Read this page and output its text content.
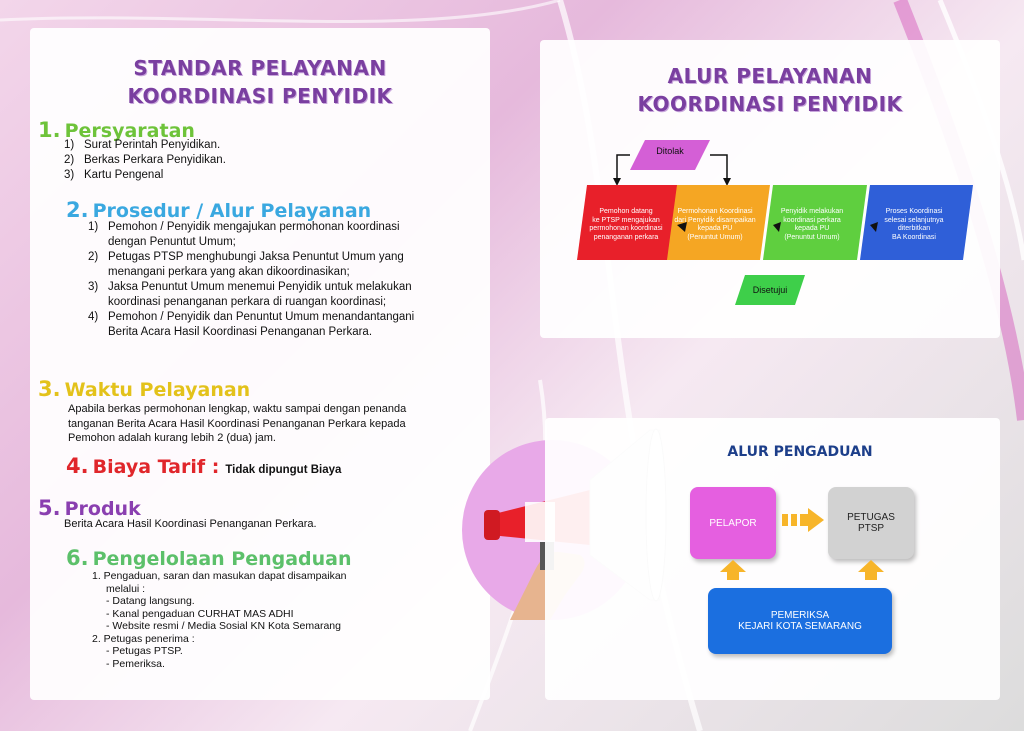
STANDAR PELAYANAN
KOORDINASI PENYIDIK
1. Persyaratan
1) Surat Perintah Penyidikan.
2) Berkas Perkara Penyidikan.
3) Kartu Pengenal
2. Prosedur / Alur Pelayanan
1) Pemohon / Penyidik mengajukan permohonan koordinasi dengan Penuntut Umum;
2) Petugas PTSP menghubungi Jaksa Penuntut Umum yang menangani perkara yang akan dikoordinasikan;
3) Jaksa Penuntut Umum menemui Penyidik untuk melakukan koordinasi penanganan perkara di ruangan koordinasi;
4) Pemohon / Penyidik dan Penuntut Umum menandantangani Berita Acara Hasil Koordinasi Penanganan Perkara.
3. Waktu Pelayanan
Apabila berkas permohonan lengkap, waktu sampai dengan penanda tanganan Berita Acara Hasil Koordinasi Penanganan Perkara kepada Pemohon adalah kurang lebih 2 (dua) jam.
4. Biaya Tarif : Tidak dipungut Biaya
5. Produk
Berita Acara Hasil Koordinasi Penanganan Perkara.
6. Pengelolaan Pengaduan
1. Pengaduan, saran dan masukan dapat disampaikan
melalui :
- Datang langsung.
- Kanal pengaduan CURHAT MAS ADHI
- Website resmi / Media Sosial KN Kota Semarang
2. Petugas penerima :
- Petugas PTSP.
- Pemeriksa.
ALUR PELAYANAN
KOORDINASI PENYIDIK
Ditolak
Disetujui
Pemohon datang
ke PTSP mengajukan
permohonan koordinasi
penanganan perkara
Permohonan Koordinasi
dari Penyidik disampaikan
kepada PU
(Penuntut Umum)
Penyidik melakukan
koordinasi perkara
kepada PU
(Penuntut Umum)
Proses Koordinasi
selesai selanjutnya
diterbitkan
BA Koordinasi
ALUR PENGADUAN
PELAPOR	PETUGAS
PTSP
PEMERIKSA
KEJARI KOTA SEMARANG
